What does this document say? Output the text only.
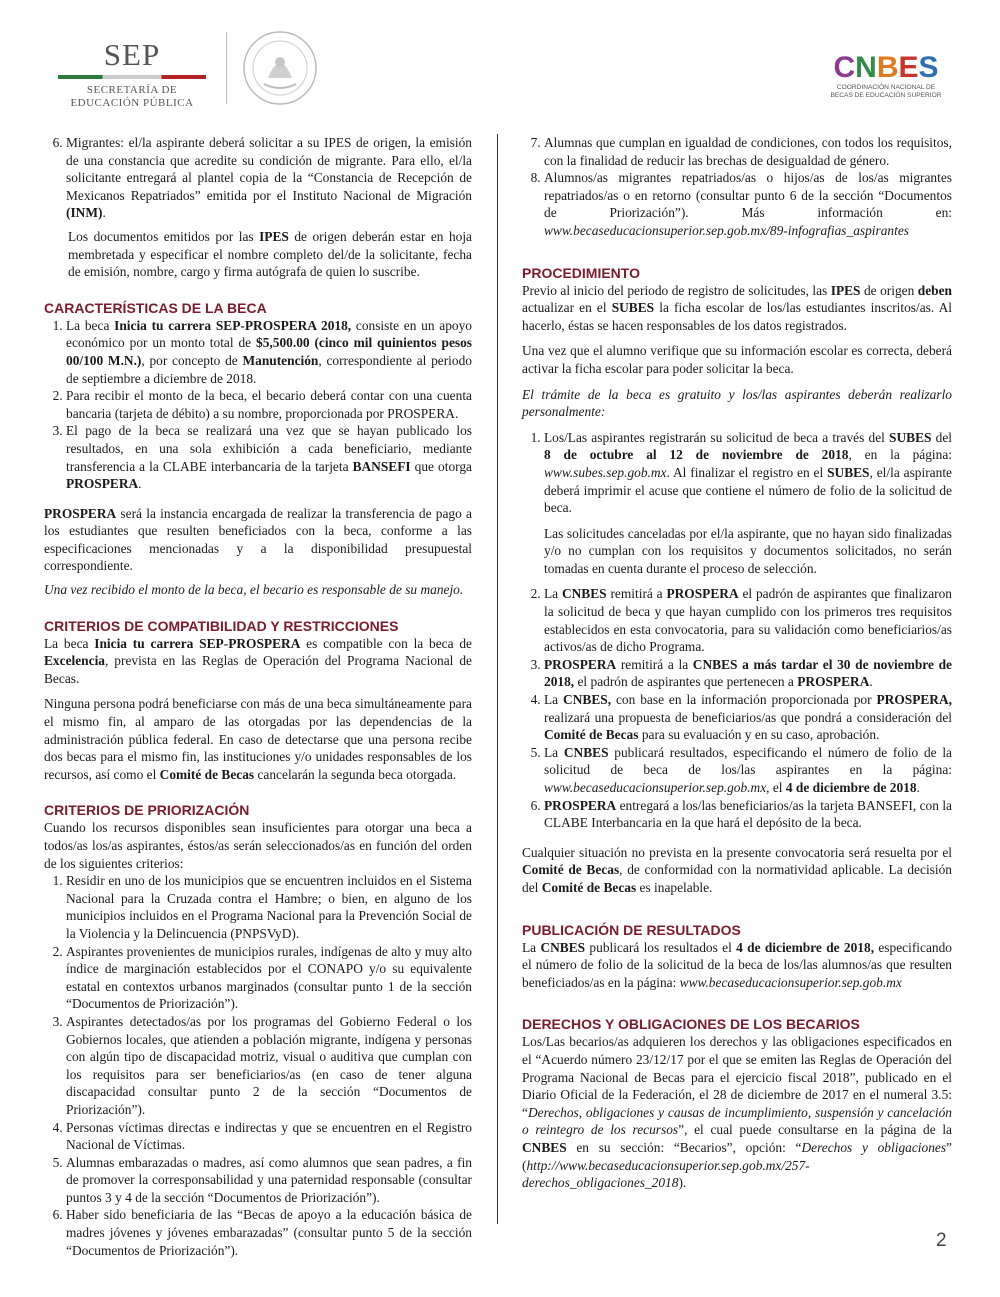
SEP
SECRETARÍA DE
EDUCACIÓN PÚBLICA
CNBES
COORDINACIÓN NACIONAL DE
BECAS DE EDUCACIÓN SUPERIOR
6. Migrantes: el/la aspirante deberá solicitar a su IPES de origen, la emisión de una constancia que acredite su condición de migrante. Para ello, el/la solicitante entregará al plantel copia de la “Constancia de Recepción de Mexicanos Repatriados” emitida por el Instituto Nacional de Migración (INM).

Los documentos emitidos por las IPES de origen deberán estar en hoja membretada y especificar el nombre completo del/de la solicitante, fecha de emisión, nombre, cargo y firma autógrafa de quien lo suscribe.

CARACTERÍSTICAS DE LA BECA
1. La beca Inicia tu carrera SEP-PROSPERA 2018, consiste en un apoyo económico por un monto total de $5,500.00 (cinco mil quinientos pesos 00/100 M.N.), por concepto de Manutención, correspondiente al periodo de septiembre a diciembre de 2018.
2. Para recibir el monto de la beca, el becario deberá contar con una cuenta bancaria (tarjeta de débito) a su nombre, proporcionada por PROSPERA.
3. El pago de la beca se realizará una vez que se hayan publicado los resultados, en una sola exhibición a cada beneficiario, mediante transferencia a la CLABE interbancaria de la tarjeta BANSEFI que otorga PROSPERA.

PROSPERA será la instancia encargada de realizar la transferencia de pago a los estudiantes que resulten beneficiados con la beca, conforme a las especificaciones mencionadas y a la disponibilidad presupuestal correspondiente.

Una vez recibido el monto de la beca, el becario es responsable de su manejo.

CRITERIOS DE COMPATIBILIDAD Y RESTRICCIONES

La beca Inicia tu carrera SEP-PROSPERA es compatible con la beca de Excelencia, prevista en las Reglas de Operación del Programa Nacional de Becas.

Ninguna persona podrá beneficiarse con más de una beca simultáneamente para el mismo fin, al amparo de las otorgadas por las dependencias de la administración pública federal. En caso de detectarse que una persona recibe dos becas para el mismo fin, las instituciones y/o unidades responsables de los recursos, así como el Comité de Becas cancelarán la segunda beca otorgada.

CRITERIOS DE PRIORIZACIÓN

Cuando los recursos disponibles sean insuficientes para otorgar una beca a todos/as los/as aspirantes, éstos/as serán seleccionados/as en función del orden de los siguientes criterios:

1. Residir en uno de los municipios que se encuentren incluidos en el Sistema Nacional para la Cruzada contra el Hambre; o bien, en alguno de los municipios incluidos en el Programa Nacional para la Prevención Social de la Violencia y la Delincuencia (PNPSVyD).
2. Aspirantes provenientes de municipios rurales, indígenas de alto y muy alto índice de marginación establecidos por el CONAPO y/o su equivalente estatal en contextos urbanos marginados (consultar punto 1 de la sección “Documentos de Priorización”).
3. Aspirantes detectados/as por los programas del Gobierno Federal o los Gobiernos locales, que atienden a población migrante, indígena y personas con algún tipo de discapacidad motriz, visual o auditiva que cumplan con los requisitos para ser beneficiarios/as (en caso de tener alguna discapacidad consultar punto 2 de la sección “Documentos de Priorización”).
4. Personas víctimas directas e indirectas y que se encuentren en el Registro Nacional de Víctimas.
5. Alumnas embarazadas o madres, así como alumnos que sean padres, a fin de promover la corresponsabilidad y una paternidad responsable (consultar puntos 3 y 4 de la sección “Documentos de Priorización”).
6. Haber sido beneficiaria de las “Becas de apoyo a la educación básica de madres jóvenes y jóvenes embarazadas” (consultar punto 5 de la sección “Documentos de Priorización”).
7. Alumnas que cumplan en igualdad de condiciones, con todos los requisitos, con la finalidad de reducir las brechas de desigualdad de género.
8. Alumnos/as migrantes repatriados/as o hijos/as de los/as migrantes repatriados/as o en retorno (consultar punto 6 de la sección “Documentos de Priorización”). Más información en: www.becaseducacionsuperior.sep.gob.mx/89-infografias_aspirantes
PROCEDIMIENTO

Previo al inicio del periodo de registro de solicitudes, las IPES de origen deben actualizar en el SUBES la ficha escolar de los/las estudiantes inscritos/as. Al hacerlo, éstas se hacen responsables de los datos registrados.

Una vez que el alumno verifique que su información escolar es correcta, deberá activar la ficha escolar para poder solicitar la beca.

El trámite de la beca es gratuito y los/las aspirantes deberán realizarlo personalmente:

1. Los/Las aspirantes registrarán su solicitud de beca a través del SUBES del 8 de octubre al 12 de noviembre de 2018, en la página: www.subes.sep.gob.mx. Al finalizar el registro en el SUBES, el/la aspirante deberá imprimir el acuse que contiene el número de folio de la solicitud de beca.

Las solicitudes canceladas por el/la aspirante, que no hayan sido finalizadas y/o no cumplan con los requisitos y documentos solicitados, no serán tomadas en cuenta durante el proceso de selección.

2. La CNBES remitirá a PROSPERA el padrón de aspirantes que finalizaron la solicitud de beca y que hayan cumplido con los primeros tres requisitos establecidos en esta convocatoria, para su validación como beneficiarios/as activos/as de dicho Programa.
3. PROSPERA remitirá a la CNBES a más tardar el 30 de noviembre de 2018, el padrón de aspirantes que pertenecen a PROSPERA.
4. La CNBES, con base en la información proporcionada por PROSPERA, realizará una propuesta de beneficiarios/as que pondrá a consideración del Comité de Becas para su evaluación y en su caso, aprobación.
5. La CNBES publicará resultados, especificando el número de folio de la solicitud de beca de los/las aspirantes en la página: www.becaseducacionsuperior.sep.gob.mx, el 4 de diciembre de 2018.
6. PROSPERA entregará a los/las beneficiarios/as la tarjeta BANSEFI, con la CLABE Interbancaria en la que hará el depósito de la beca.

Cualquier situación no prevista en la presente convocatoria será resuelta por el Comité de Becas, de conformidad con la normatividad aplicable. La decisión del Comité de Becas es inapelable.

PUBLICACIÓN DE RESULTADOS

La CNBES publicará los resultados el 4 de diciembre de 2018, especificando el número de folio de la solicitud de la beca de los/las alumnos/as que resulten beneficiados/as en la página: www.becaseducacionsuperior.sep.gob.mx

DERECHOS Y OBLIGACIONES DE LOS BECARIOS

Los/Las becarios/as adquieren los derechos y las obligaciones especificados en el “Acuerdo número 23/12/17 por el que se emiten las Reglas de Operación del Programa Nacional de Becas para el ejercicio fiscal 2018”, publicado en el Diario Oficial de la Federación, el 28 de diciembre de 2017 en el numeral 3.5: “Derechos, obligaciones y causas de incumplimiento, suspensión y cancelación o reintegro de los recursos”, el cual puede consultarse en la página de la CNBES en su sección: “Becarios”, opción: “Derechos y obligaciones” (http://www.becaseducacionsuperior.sep.gob.mx/257-derechos_obligaciones_2018).

2
